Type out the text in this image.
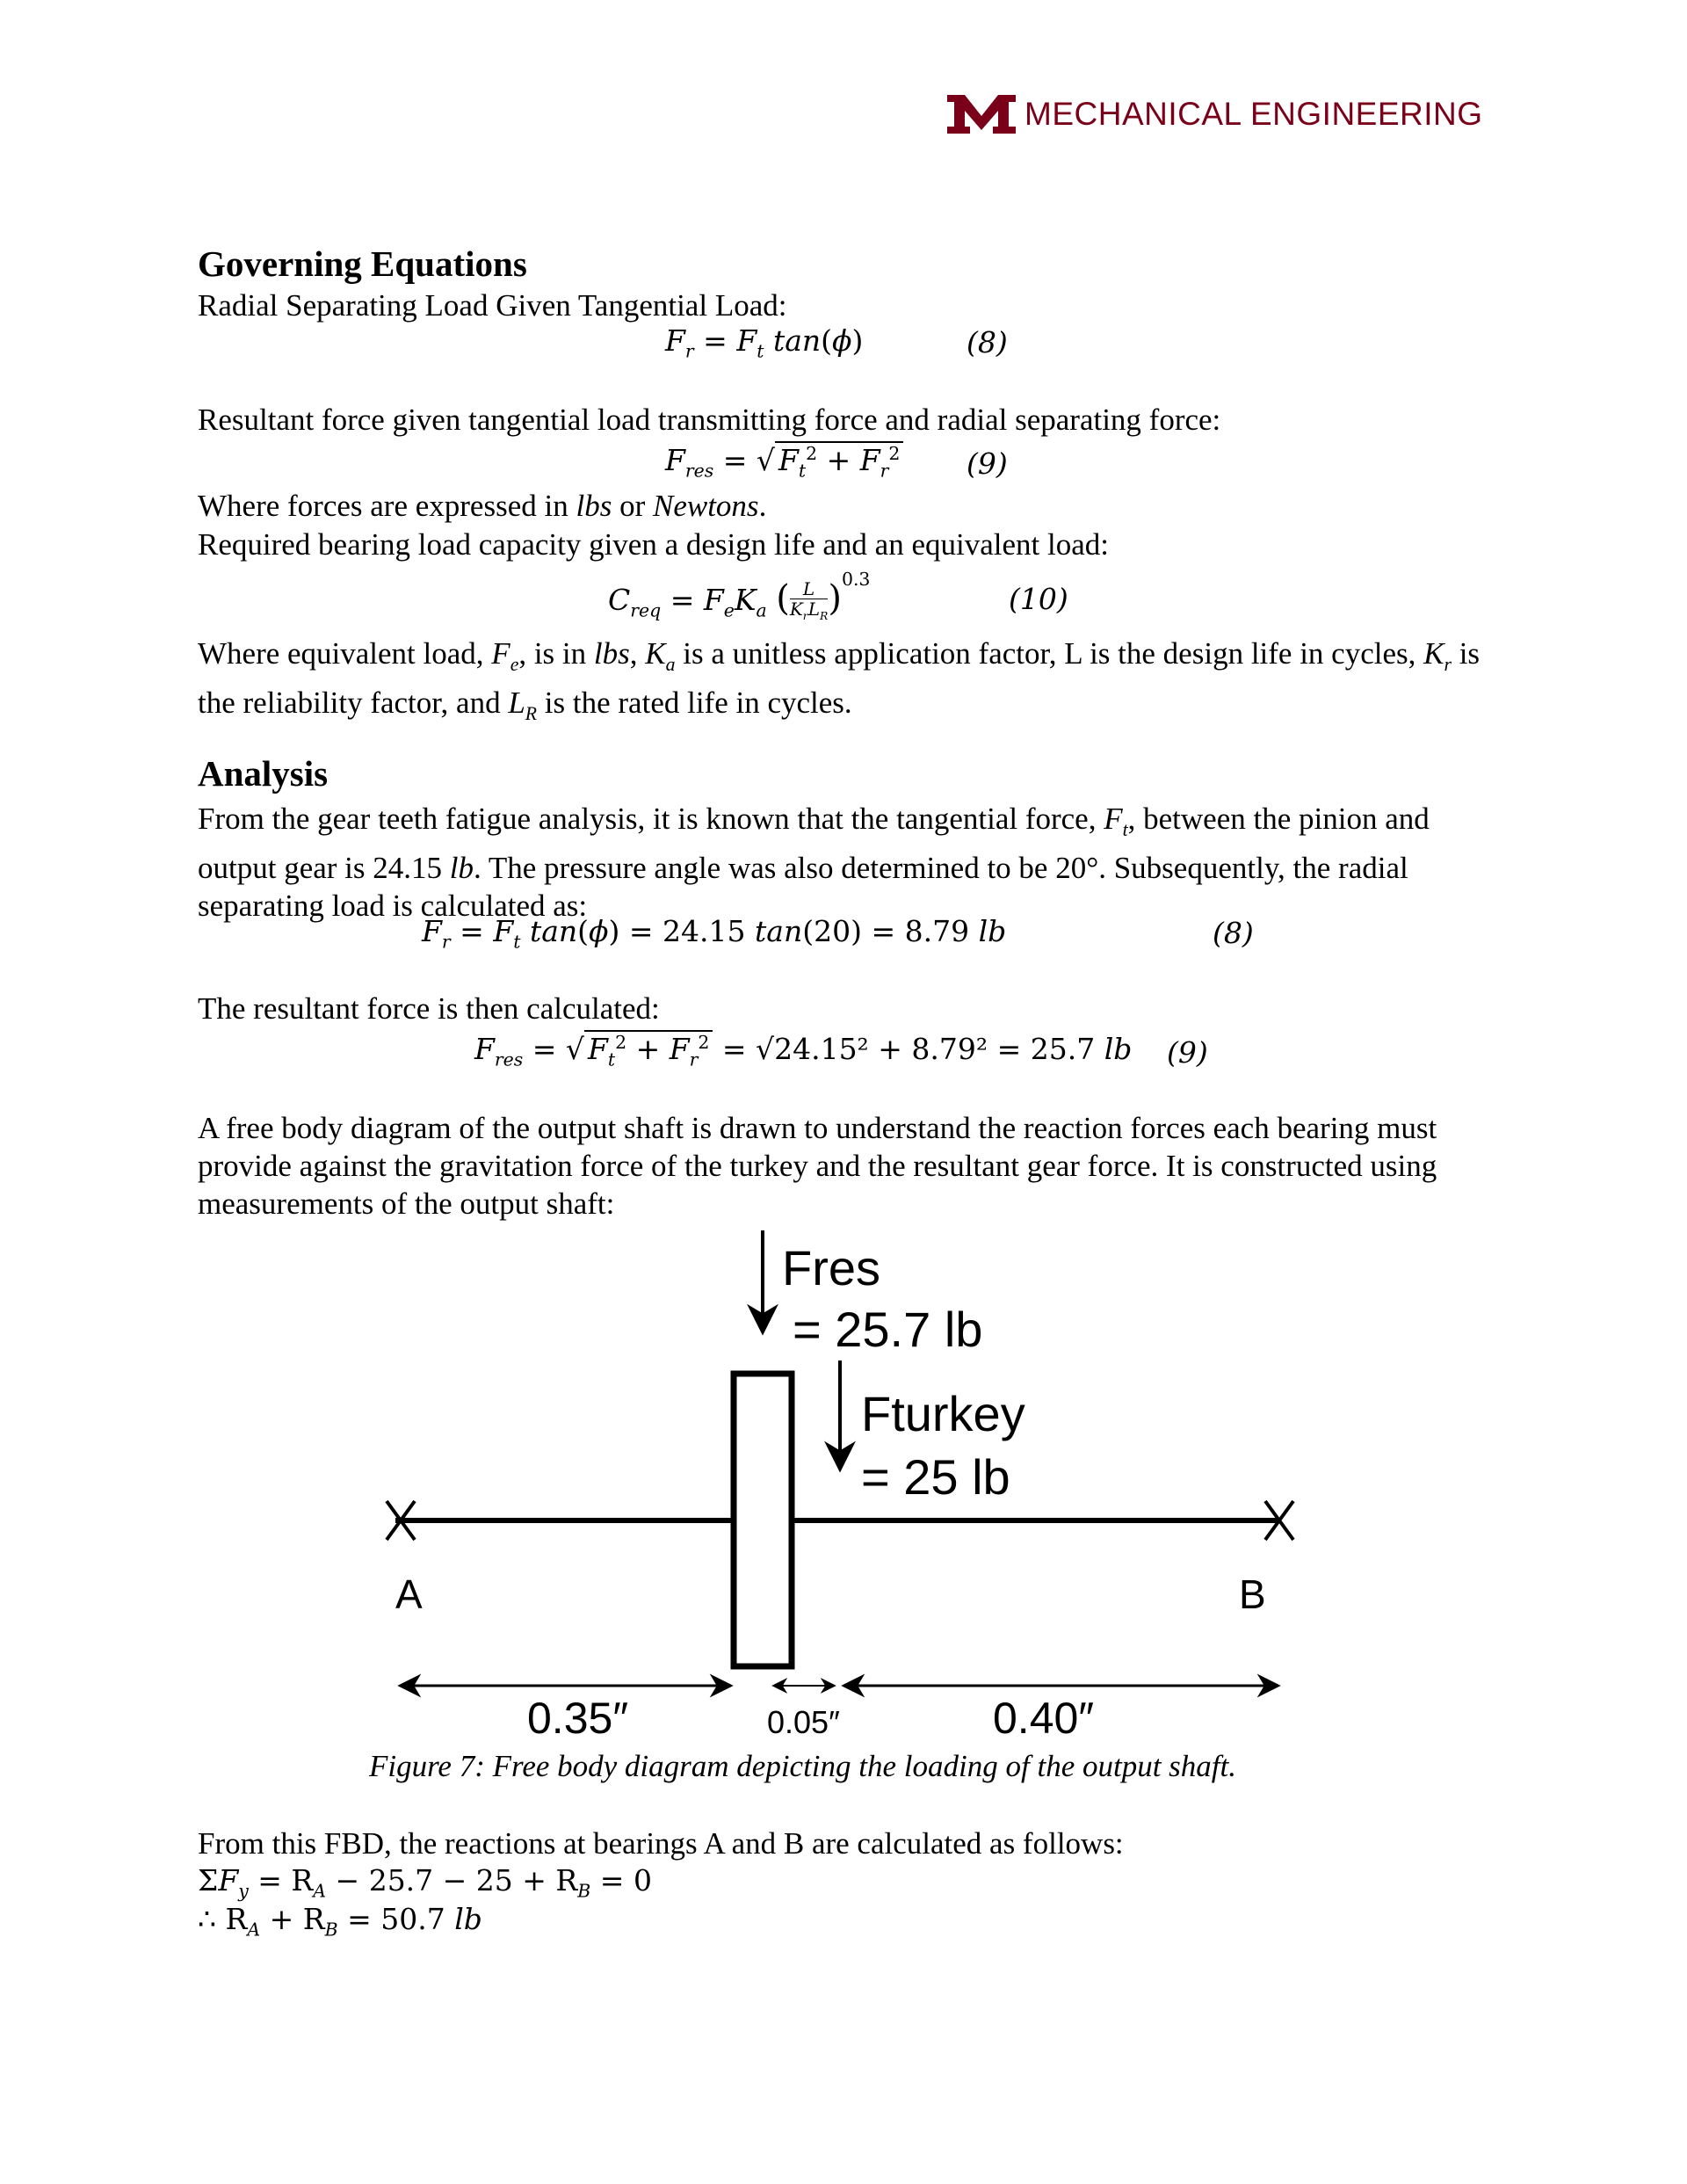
MECHANICAL ENGINEERING
Governing Equations
Radial Separating Load Given Tangential Load:
$F_r = F_t$ tan(ϕ)	(8)
Resultant force given tangential load transmitting force and radial separating force:
$F_{res}$ = √ $F_t^2 + F_r^2$ (9)
Where forces are expressed in lbs or Newtons.
Required bearing load capacity given a design life and an equivalent load:
$C_{req} = F_eK_a$ ( L
$K_rL_R$ )$^{0.3}$
(10)
Where equivalent load, $F_e$, is in lbs, $K_a$ is a unitless application factor, L is the design life in cycles, $K_r$ is the reliability factor, and $L_R$ is the rated life in cycles.
Analysis
From the gear teeth fatigue analysis, it is known that the tangential force, $F_t$, between the pinion and output gear is 24.15 lb. The pressure angle was also determined to be 20°. Subsequently, the radial separating load is calculated as:
$F_r = F_t$ tan(ϕ) = 24.15 tan(20) = 8.79 lb	(8)
The resultant force is then calculated:
$F_{res}$ = √ $F_t^2 + F_r^2 = √24.15^2 + 8.79^2 = 25.7$ lb (9)
A free body diagram of the output shaft is drawn to understand the reaction forces each bearing must provide against the gravitation force of the turkey and the resultant gear force. It is constructed using measurements of the output shaft:
Fres
= 25.7 lb
Fturkey
= 25 lb
A	B
0.35″	0.05″	0.40″
Figure 7: Free body diagram depicting the loading of the output shaft.
From this FBD, the reactions at bearings A and B are calculated as follows:
$\Sigma F_y = R_A - 25.7 - 25 + R_B = 0$
∴ $R_A + R_B = 50.7$ lb
